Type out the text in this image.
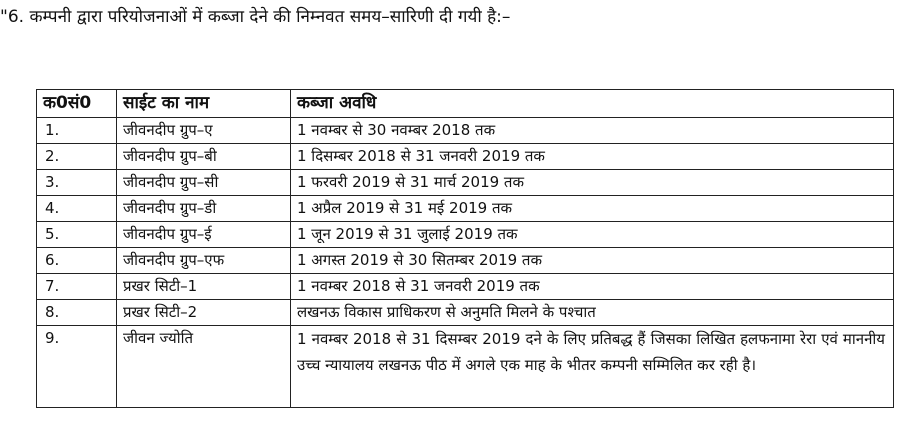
"6. कम्पनी द्वारा परियोजनाओं में कब्जा देने की निम्नवत समय–सारिणी दी गयी है:–
क0सं0	साईट का नाम	कब्जा अवधि
1.	जीवनदीप ग्रुप–ए	1 नवम्बर से 30 नवम्बर 2018 तक
2.	जीवनदीप ग्रुप–बी	1 दिसम्बर 2018 से 31 जनवरी 2019 तक
3.	जीवनदीप ग्रुप–सी	1 फरवरी 2019 से 31 मार्च 2019 तक
4.	जीवनदीप ग्रुप–डी	1 अप्रैल 2019 से 31 मई 2019 तक
5.	जीवनदीप ग्रुप–ई	1 जून 2019 से 31 जुलाई 2019 तक
6.	जीवनदीप ग्रुप–एफ	1 अगस्त 2019 से 30 सितम्बर 2019 तक
7.	प्रखर सिटी–1	1 नवम्बर 2018 से 31 जनवरी 2019 तक
8.	प्रखर सिटी–2	लखनऊ विकास प्राधिकरण से अनुमति मिलने के पश्चात
9.	जीवन ज्योति	1 नवम्बर 2018 से 31 दिसम्बर 2019 दने के लिए प्रतिबद्ध हैं जिसका लिखित हलफनामा रेरा एवं माननीय उच्च न्यायालय लखनऊ पीठ में अगले एक माह के भीतर कम्पनी सम्मिलित कर रही है।
